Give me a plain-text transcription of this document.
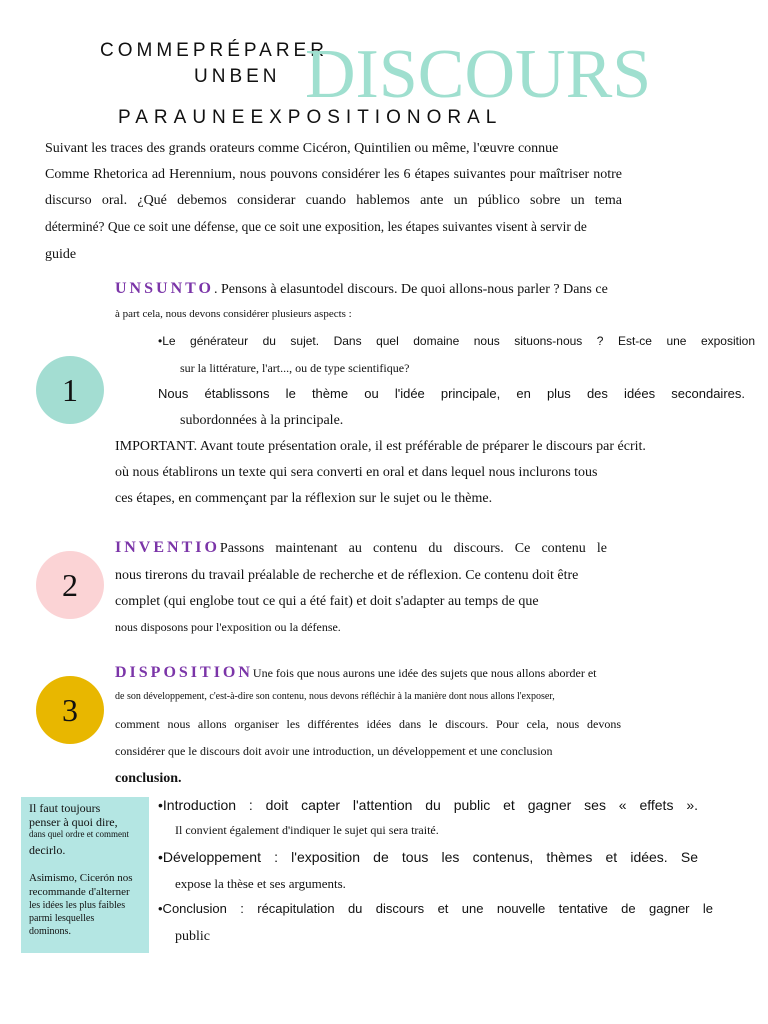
COMMEPRÉPARER
UNBEN DISCOURS
PARAUNEEXPOSITIONORAL
Suivant les traces des grands orateurs comme Cicéron, Quintilien ou même, l'œuvre connue
Comme Rhetorica ad Herennium, nous pouvons considérer les 6 étapes suivantes pour maîtriser notre
discurso oral. ¿Qué debemos considerar cuando hablemos ante un público sobre un tema
déterminé? Que ce soit une défense, que ce soit une exposition, les étapes suivantes visent à servir de
guide
1
UNSUNTO. Pensons à elasuntodel discours. De quoi allons-nous parler ? Dans ce
à part cela, nous devons considérer plusieurs aspects :
•Le générateur du sujet. Dans quel domaine nous situons-nous ? Est-ce une exposition
sur la littérature, l'art..., ou de type scientifique?
Nous établissons le thème ou l'idée principale, en plus des idées secondaires.
subordonnées à la principale.
IMPORTANT. Avant toute présentation orale, il est préférable de préparer le discours par écrit.
où nous établirons un texte qui sera converti en oral et dans lequel nous inclurons tous
ces étapes, en commençant par la réflexion sur le sujet ou le thème.
2
INVENTIOPassons maintenant au contenu du discours. Ce contenu le
nous tirerons du travail préalable de recherche et de réflexion. Ce contenu doit être
complet (qui englobe tout ce qui a été fait) et doit s'adapter au temps de que
nous disposons pour l'exposition ou la défense.
3
DISPOSITIONUne fois que nous aurons une idée des sujets que nous allons aborder et
de son développement, c'est-à-dire son contenu, nous devons réfléchir à la manière dont nous allons l'exposer,
comment nous allons organiser les différentes idées dans le discours. Pour cela, nous devons
considérer que le discours doit avoir une introduction, un développement et une conclusion
conclusion.
•Introduction : doit capter l'attention du public et gagner ses « effets ».
Il convient également d'indiquer le sujet qui sera traité.
•Développement : l'exposition de tous les contenus, thèmes et idées. Se
expose la thèse et ses arguments.
•Conclusion : récapitulation du discours et une nouvelle tentative de gagner le
public
Il faut toujours
penser à quoi dire,
dans quel ordre et comment
decirlo.
Asimismo, Cicerón nos
recommande d'alterner
les idées les plus faibles
parmi lesquelles
dominons.
